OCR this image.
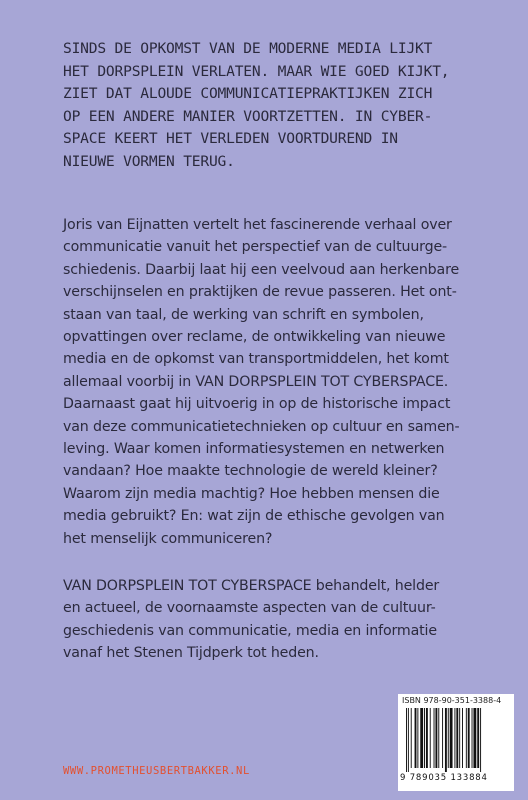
SINDS DE OPKOMST VAN DE MODERNE MEDIA LIJKT
HET DORPSPLEIN VERLATEN. MAAR WIE GOED KIJKT,
ZIET DAT ALOUDE COMMUNICATIEPRAKTIJKEN ZICH
OP EEN ANDERE MANIER VOORTZETTEN. IN CYBER-
SPACE KEERT HET VERLEDEN VOORTDUREND IN
NIEUWE VORMEN TERUG.
Joris van Eijnatten vertelt het fascinerende verhaal over
communicatie vanuit het perspectief van de cultuurge-
schiedenis. Daarbij laat hij een veelvoud aan herkenbare
verschijnselen en praktijken de revue passeren. Het ont-
staan van taal, de werking van schrift en symbolen,
opvattingen over reclame, de ontwikkeling van nieuwe
media en de opkomst van transportmiddelen, het komt
allemaal voorbij in VAN DORPSPLEIN TOT CYBERSPACE.
Daarnaast gaat hij uitvoerig in op de historische impact
van deze communicatietechnieken op cultuur en samen-
leving. Waar komen informatiesystemen en netwerken
vandaan? Hoe maakte technologie de wereld kleiner?
Waarom zijn media machtig? Hoe hebben mensen die
media gebruikt? En: wat zijn de ethische gevolgen van
het menselijk communiceren?
VAN DORPSPLEIN TOT CYBERSPACE behandelt, helder
en actueel, de voornaamste aspecten van de cultuur-
geschiedenis van communicatie, media en informatie
vanaf het Stenen Tijdperk tot heden.
ISBN 978-90-351-3388-4
9 789035 133884
WWW.PROMETHEUSBERTBAKKER.NL
